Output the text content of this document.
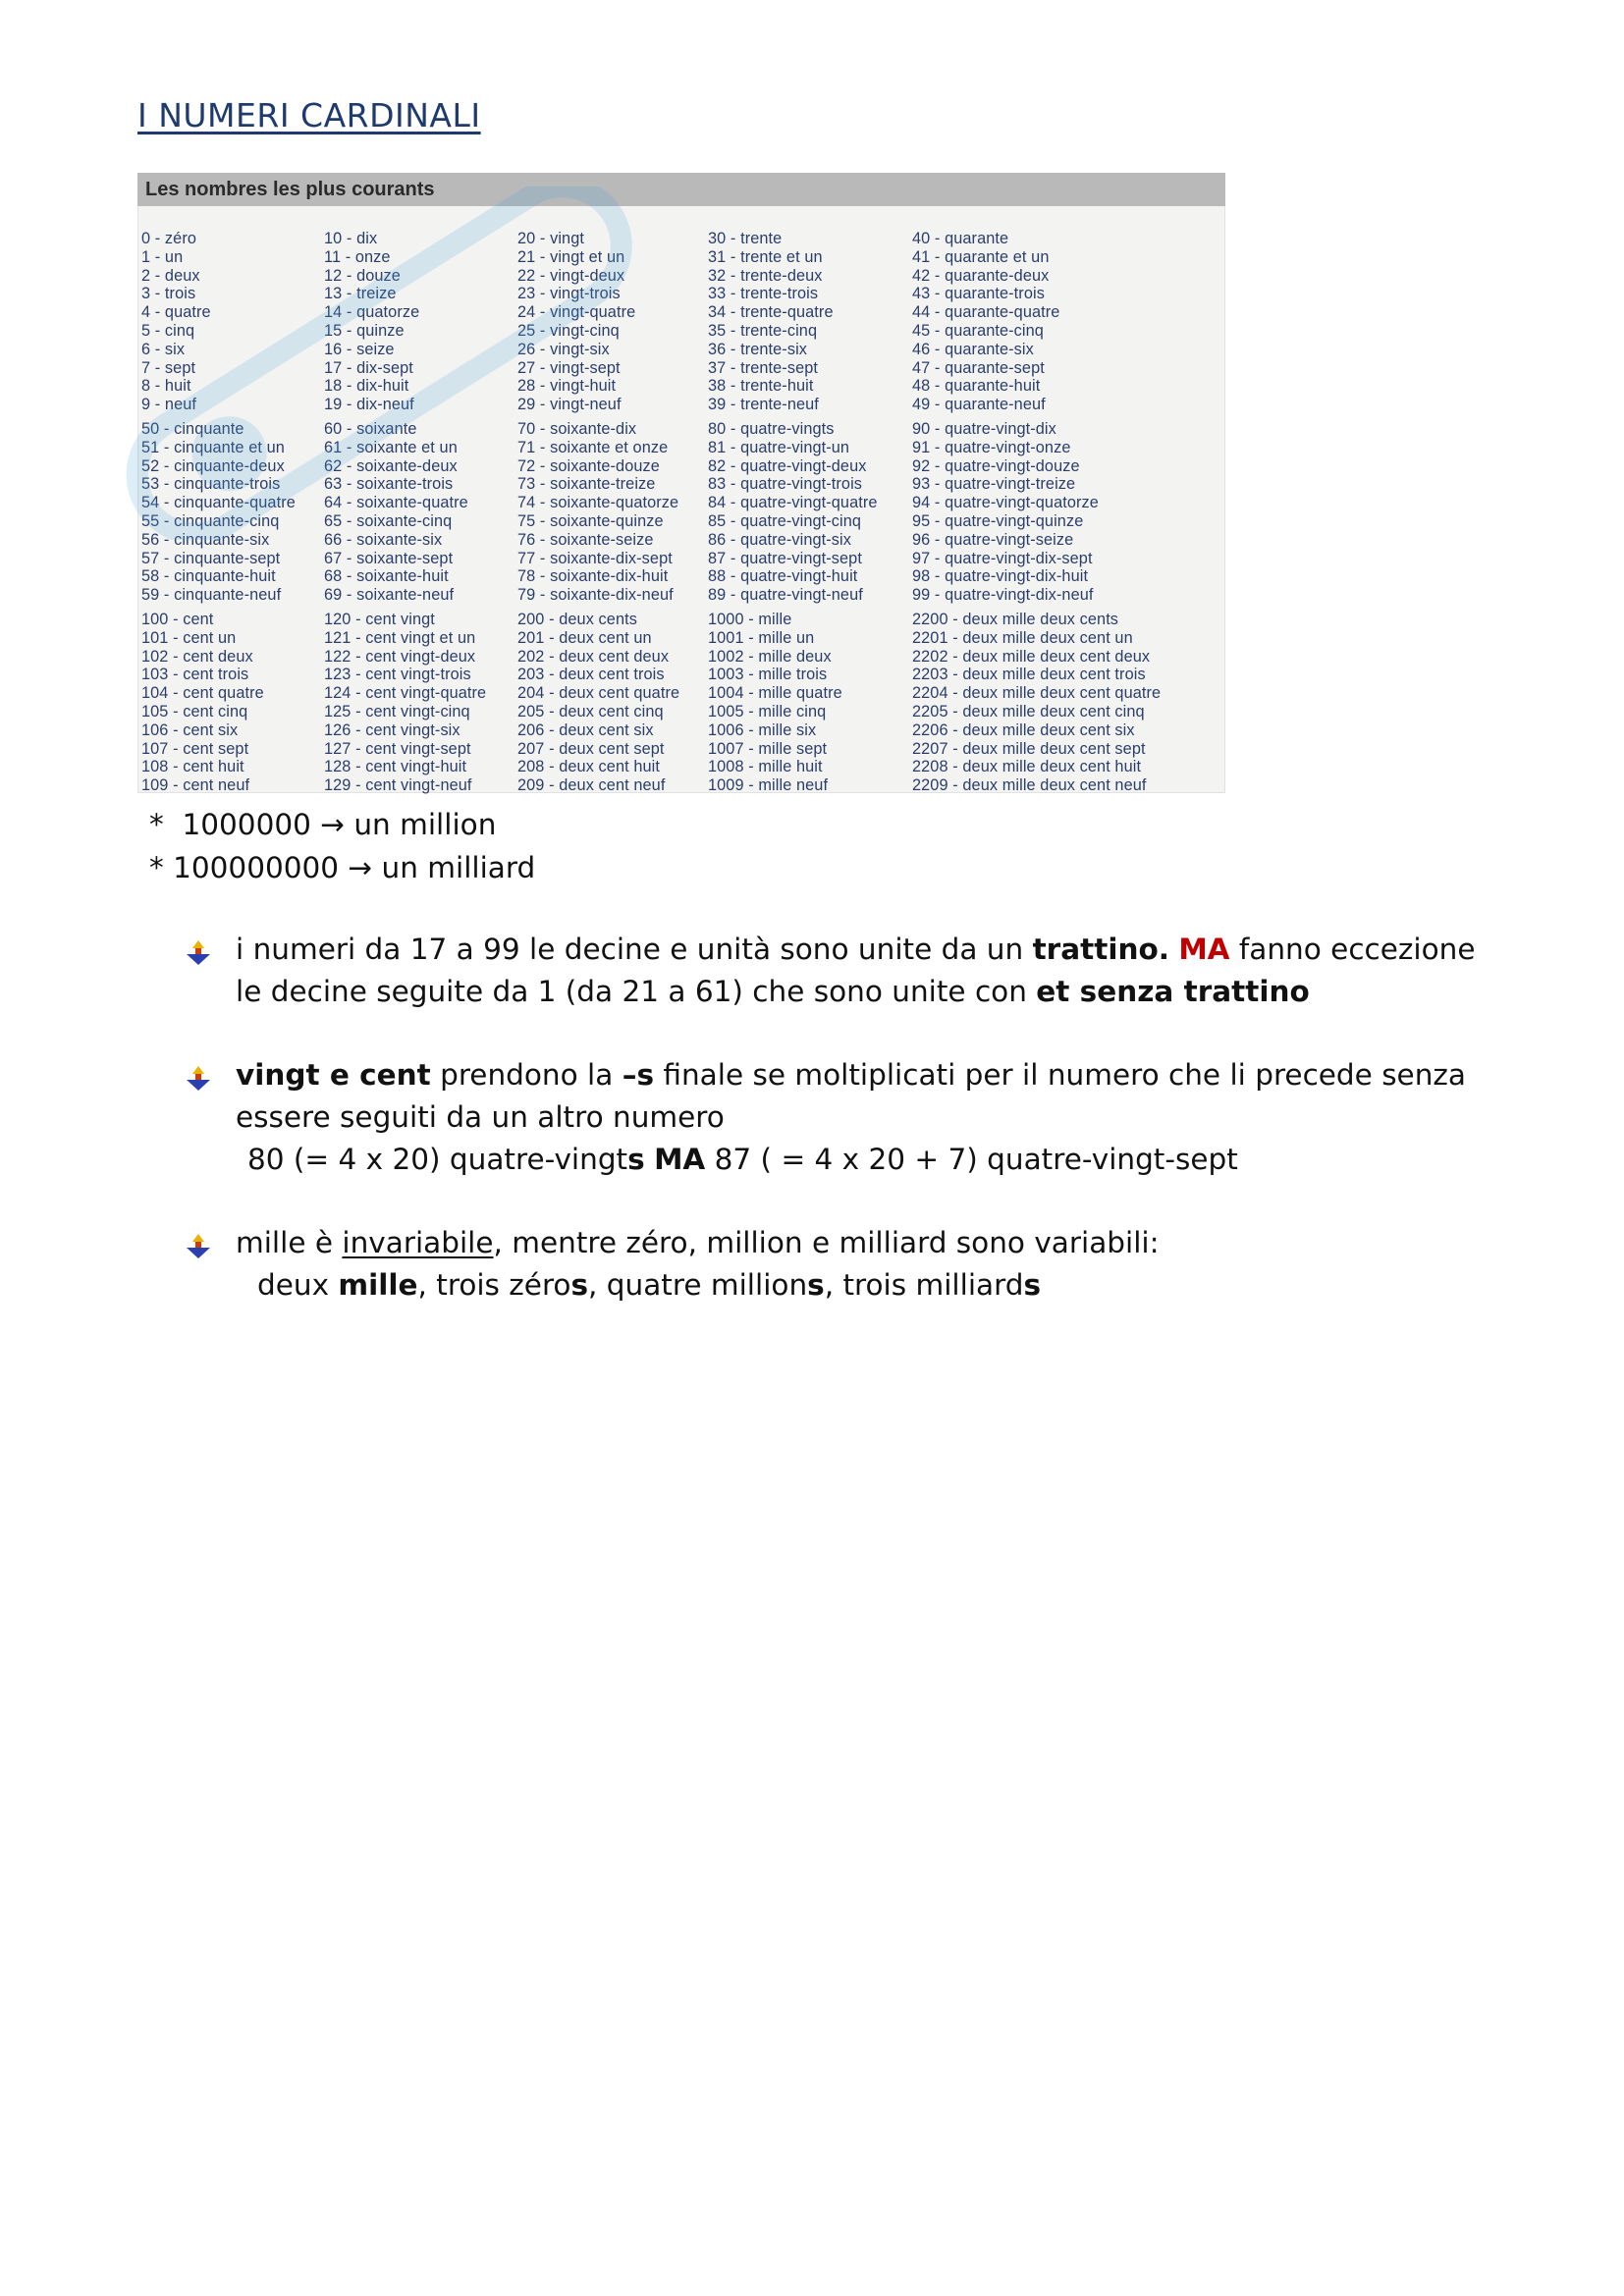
I NUMERI CARDINALI
Les nombres les plus courants
0 - zéro
1 - un
2 - deux
3 - trois
4 - quatre
5 - cinq
6 - six
7 - sept
8 - huit
9 - neuf
10 - dix
11 - onze
12 - douze
13 - treize
14 - quatorze
15 - quinze
16 - seize
17 - dix-sept
18 - dix-huit
19 - dix-neuf
20 - vingt
21 - vingt et un
22 - vingt-deux
23 - vingt-trois
24 - vingt-quatre
25 - vingt-cinq
26 - vingt-six
27 - vingt-sept
28 - vingt-huit
29 - vingt-neuf
30 - trente
31 - trente et un
32 - trente-deux
33 - trente-trois
34 - trente-quatre
35 - trente-cinq
36 - trente-six
37 - trente-sept
38 - trente-huit
39 - trente-neuf
40 - quarante
41 - quarante et un
42 - quarante-deux
43 - quarante-trois
44 - quarante-quatre
45 - quarante-cinq
46 - quarante-six
47 - quarante-sept
48 - quarante-huit
49 - quarante-neuf
50 - cinquante
51 - cinquante et un
52 - cinquante-deux
53 - cinquante-trois
54 - cinquante-quatre
55 - cinquante-cinq
56 - cinquante-six
57 - cinquante-sept
58 - cinquante-huit
59 - cinquante-neuf
60 - soixante
61 - soixante et un
62 - soixante-deux
63 - soixante-trois
64 - soixante-quatre
65 - soixante-cinq
66 - soixante-six
67 - soixante-sept
68 - soixante-huit
69 - soixante-neuf
70 - soixante-dix
71 - soixante et onze
72 - soixante-douze
73 - soixante-treize
74 - soixante-quatorze
75 - soixante-quinze
76 - soixante-seize
77 - soixante-dix-sept
78 - soixante-dix-huit
79 - soixante-dix-neuf
80 - quatre-vingts
81 - quatre-vingt-un
82 - quatre-vingt-deux
83 - quatre-vingt-trois
84 - quatre-vingt-quatre
85 - quatre-vingt-cinq
86 - quatre-vingt-six
87 - quatre-vingt-sept
88 - quatre-vingt-huit
89 - quatre-vingt-neuf
90 - quatre-vingt-dix
91 - quatre-vingt-onze
92 - quatre-vingt-douze
93 - quatre-vingt-treize
94 - quatre-vingt-quatorze
95 - quatre-vingt-quinze
96 - quatre-vingt-seize
97 - quatre-vingt-dix-sept
98 - quatre-vingt-dix-huit
99 - quatre-vingt-dix-neuf
100 - cent
101 - cent un
102 - cent deux
103 - cent trois
104 - cent quatre
105 - cent cinq
106 - cent six
107 - cent sept
108 - cent huit
109 - cent neuf
120 - cent vingt
121 - cent vingt et un
122 - cent vingt-deux
123 - cent vingt-trois
124 - cent vingt-quatre
125 - cent vingt-cinq
126 - cent vingt-six
127 - cent vingt-sept
128 - cent vingt-huit
129 - cent vingt-neuf
200 - deux cents
201 - deux cent un
202 - deux cent deux
203 - deux cent trois
204 - deux cent quatre
205 - deux cent cinq
206 - deux cent six
207 - deux cent sept
208 - deux cent huit
209 - deux cent neuf
1000 - mille
1001 - mille un
1002 - mille deux
1003 - mille trois
1004 - mille quatre
1005 - mille cinq
1006 - mille six
1007 - mille sept
1008 - mille huit
1009 - mille neuf
2200 - deux mille deux cents
2201 - deux mille deux cent un
2202 - deux mille deux cent deux
2203 - deux mille deux cent trois
2204 - deux mille deux cent quatre
2205 - deux mille deux cent cinq
2206 - deux mille deux cent six
2207 - deux mille deux cent sept
2208 - deux mille deux cent huit
2209 - deux mille deux cent neuf
*  1000000 → un million
* 100000000 → un milliard
i numeri da 17 a 99 le decine e unità sono unite da un trattino. MA fanno eccezione
le decine seguite da 1 (da 21 a 61) che sono unite con et senza trattino
vingt e cent prendono la –s finale se moltiplicati per il numero che li precede senza
essere seguiti da un altro numero
80 (= 4 x 20) quatre-vingts MA 87 ( = 4 x 20 + 7) quatre-vingt-sept
mille è invariabile, mentre zéro, million e milliard sono variabili:
deux mille, trois zéros, quatre millions, trois milliards
